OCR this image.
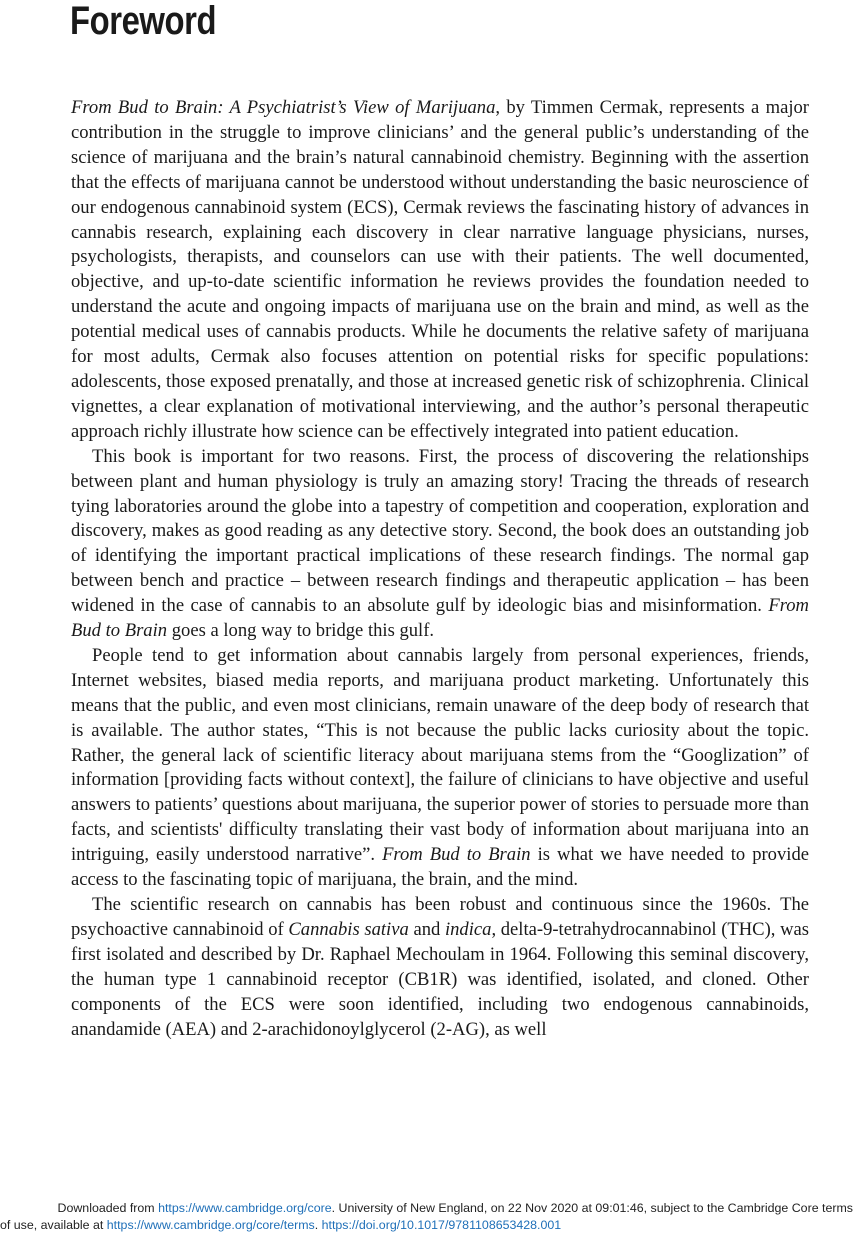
Foreword

From Bud to Brain: A Psychiatrist’s View of Marijuana, by Timmen Cermak, represents a major contribution in the struggle to improve clinicians’ and the general public’s understanding of the science of marijuana and the brain’s natural cannabinoid chemistry. Beginning with the assertion that the effects of marijuana cannot be understood without understanding the basic neuroscience of our endogenous cannabinoid system (ECS), Cermak reviews the fascinating history of advances in cannabis research, explaining each discovery in clear narrative language physicians, nurses, psychologists, therapists, and counselors can use with their patients. The well documented, objective, and up-to-date scientific information he reviews provides the foundation needed to understand the acute and ongoing impacts of marijuana use on the brain and mind, as well as the potential medical uses of cannabis products. While he documents the relative safety of marijuana for most adults, Cermak also focuses attention on potential risks for specific populations: adolescents, those exposed prenatally, and those at increased genetic risk of schizophrenia. Clinical vignettes, a clear explanation of motivational interviewing, and the author’s personal therapeutic approach richly illustrate how science can be effectively integrated into patient education.

This book is important for two reasons. First, the process of discovering the relationships between plant and human physiology is truly an amazing story! Tracing the threads of research tying laboratories around the globe into a tapestry of competition and cooperation, exploration and discovery, makes as good reading as any detective story. Second, the book does an outstanding job of identifying the important practical implications of these research findings. The normal gap between bench and practice – between research findings and therapeutic application – has been widened in the case of cannabis to an absolute gulf by ideologic bias and misinformation. From Bud to Brain goes a long way to bridge this gulf.

People tend to get information about cannabis largely from personal experiences, friends, Internet websites, biased media reports, and marijuana product marketing. Unfortunately this means that the public, and even most clinicians, remain unaware of the deep body of research that is available. The author states, “This is not because the public lacks curiosity about the topic. Rather, the general lack of scientific literacy about marijuana stems from the “Googlization” of information [providing facts without context], the failure of clinicians to have objective and useful answers to patients’ questions about marijuana, the superior power of stories to persuade more than facts, and scientists' difficulty translating their vast body of information about marijuana into an intriguing, easily understood narrative”. From Bud to Brain is what we have needed to provide access to the fascinating topic of marijuana, the brain, and the mind.

The scientific research on cannabis has been robust and continuous since the 1960s. The psychoactive cannabinoid of Cannabis sativa and indica, delta-9-tetrahydrocannabinol (THC), was first isolated and described by Dr. Raphael Mechoulam in 1964. Following this seminal discovery, the human type 1 cannabinoid receptor (CB1R) was identified, isolated, and cloned. Other components of the ECS were soon identified, including two endogenous cannabinoids, anandamide (AEA) and 2-arachidonoylglycerol (2-AG), as well

Downloaded from https://www.cambridge.org/core. University of New England, on 22 Nov 2020 at 09:01:46, subject to the Cambridge Core terms
of use, available at https://www.cambridge.org/core/terms. https://doi.org/10.1017/9781108653428.001
